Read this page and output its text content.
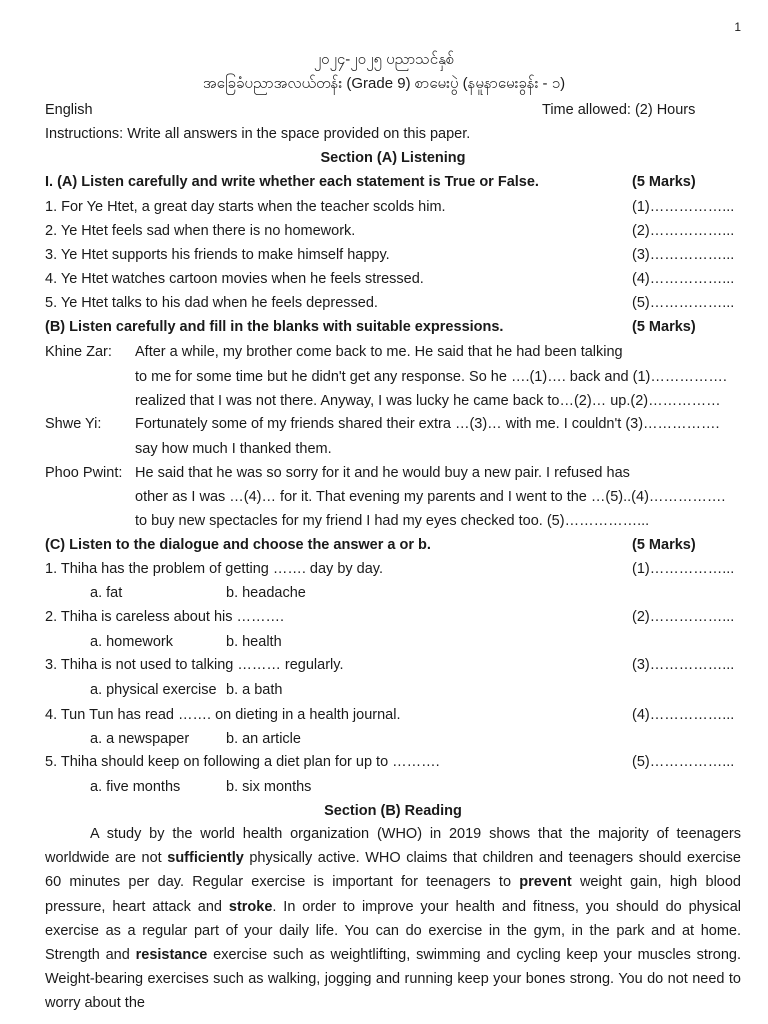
1
၂၀၂၄-၂၀၂၅ ပညာသင်နှစ်
အခြေခံပညာအလယ်တန်း (Grade 9) စာမေးပွဲ (နမူနာမေးခွန်း - ၁)
English	Time allowed: (2) Hours
Instructions: Write all answers in the space provided on this paper.
Section (A) Listening
I. (A) Listen carefully and write whether each statement is True or False.	(5 Marks)
1. For Ye Htet, a great day starts when the teacher scolds him.	(1)……………...
2. Ye Htet feels sad when there is no homework.	(2)……………...
3. Ye Htet supports his friends to make himself happy.	(3)……………...
4. Ye Htet watches cartoon movies when he feels stressed.	(4)……………...
5. Ye Htet talks to his dad when he feels depressed.	(5)……………...
(B) Listen carefully and fill in the blanks with suitable expressions.	(5 Marks)
Khine Zar:	After a while, my brother come back to me. He said that he had been talking
to me for some time but he didn't get any response. So he ….(1)…. back and (1)…………….
realized that I was not there. Anyway, I was lucky he came back to…(2)… up.(2)……………
Shwe Yi:	Fortunately some of my friends shared their extra …(3)… with me. I couldn't (3)…………….
say how much I thanked them.
Phoo Pwint: He said that he was so sorry for it and he would buy a new pair. I refused has
other as I was …(4)… for it. That evening my parents and I went to the …(5)..(4)…………….
to buy new spectacles for my friend I had my eyes checked too. (5)……………...
(C) Listen to the dialogue and choose the answer a or b.	(5 Marks)
1. Thiha has the problem of getting ……. day by day.	(1)……………...
a. fat	b. headache
2. Thiha is careless about his ……….	(2)……………...
a. homework	b. health
3. Thiha is not used to talking ……… regularly.	(3)……………...
a. physical exercise b. a bath
4. Tun Tun has read ……. on dieting in a health journal.	(4)……………...
a. a newspaper	b. an article
5. Thiha should keep on following a diet plan for up to ……….	(5)……………...
a. five months	b. six months
Section (B) Reading
A study by the world health organization (WHO) in 2019 shows that the majority of teenagers worldwide are not sufficiently physically active. WHO claims that children and teenagers should exercise 60 minutes per day. Regular exercise is important for teenagers to prevent weight gain, high blood pressure, heart attack and stroke. In order to improve your health and fitness, you should do physical exercise as a regular part of your daily life. You can do exercise in the gym, in the park and at home. Strength and resistance exercise such as weightlifting, swimming and cycling keep your muscles strong. Weight-bearing exercises such as walking, jogging and running keep your bones strong. You do not need to worry about the
